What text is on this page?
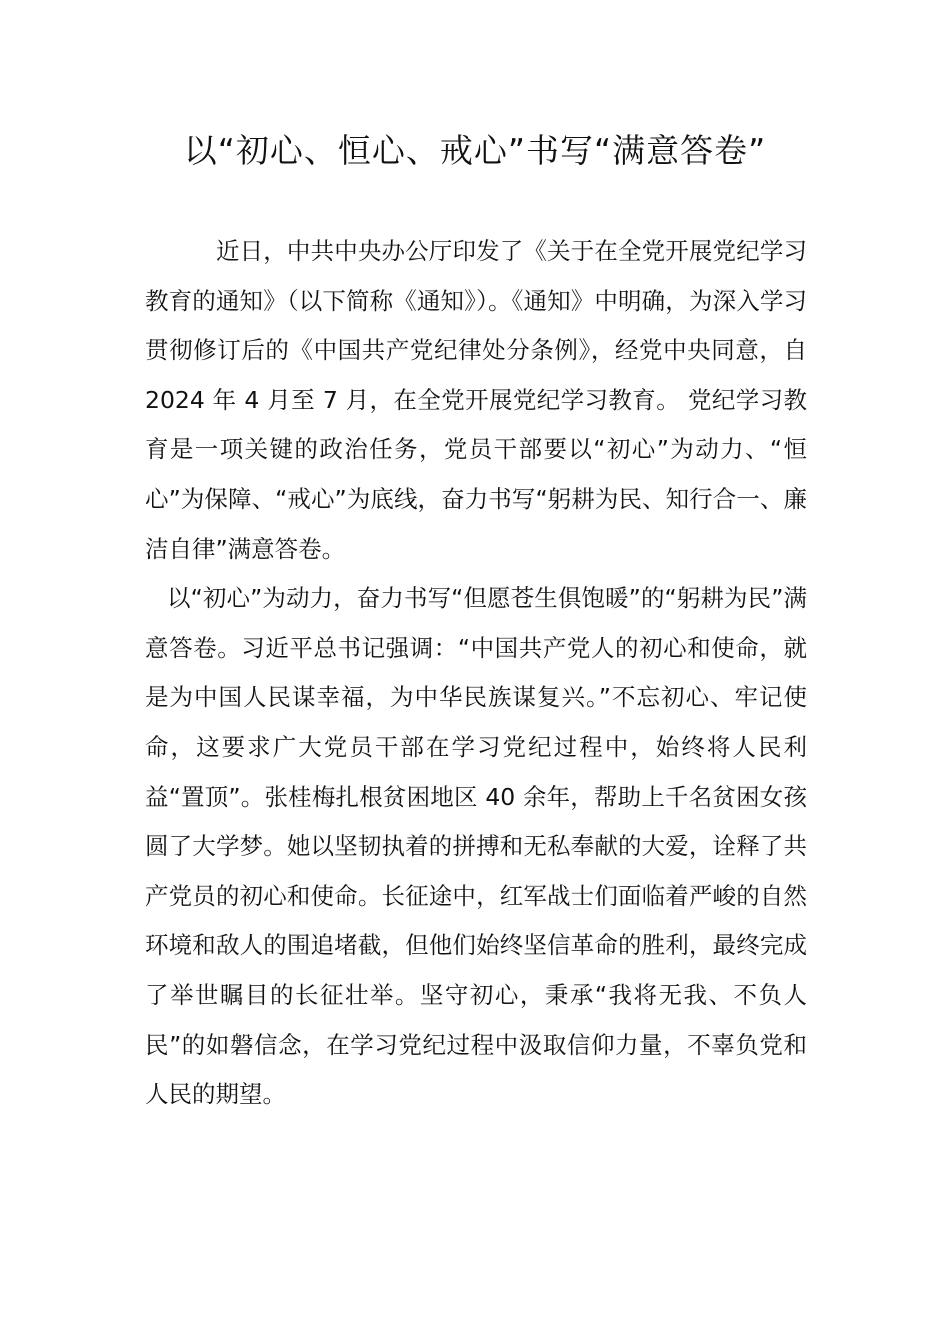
以“初心、恒心、戒心”书写“满意答卷”

近日，中共中央办公厅印发了《关于在全党开展党纪学习教育的通知》（以下简称《通知》）。《通知》中明确，为深入学习贯彻修订后的《中国共产党纪律处分条例》，经党中央同意，自 2024 年 4 月至 7 月，在全党开展党纪学习教育。 党纪学习教育是一项关键的政治任务，党员干部要以“初心”为动力、“恒心”为保障、“戒心”为底线，奋力书写“躬耕为民、知行合一、廉洁自律”满意答卷。

以“初心”为动力，奋力书写“但愿苍生俱饱暖”的“躬耕为民”满意答卷。习近平总书记强调：“中国共产党人的初心和使命，就是为中国人民谋幸福，为中华民族谋复兴。”不忘初心、牢记使命，这要求广大党员干部在学习党纪过程中，始终将人民利益“置顶”。张桂梅扎根贫困地区 40 余年，帮助上千名贫困女孩圆了大学梦。她以坚韧执着的拼搏和无私奉献的大爱，诠释了共产党员的初心和使命。长征途中，红军战士们面临着严峻的自然环境和敌人的围追堵截，但他们始终坚信革命的胜利，最终完成了举世瞩目的长征壮举。坚守初心，秉承“我将无我、不负人民”的如磐信念，在学习党纪过程中汲取信仰力量，不辜负党和人民的期望。
